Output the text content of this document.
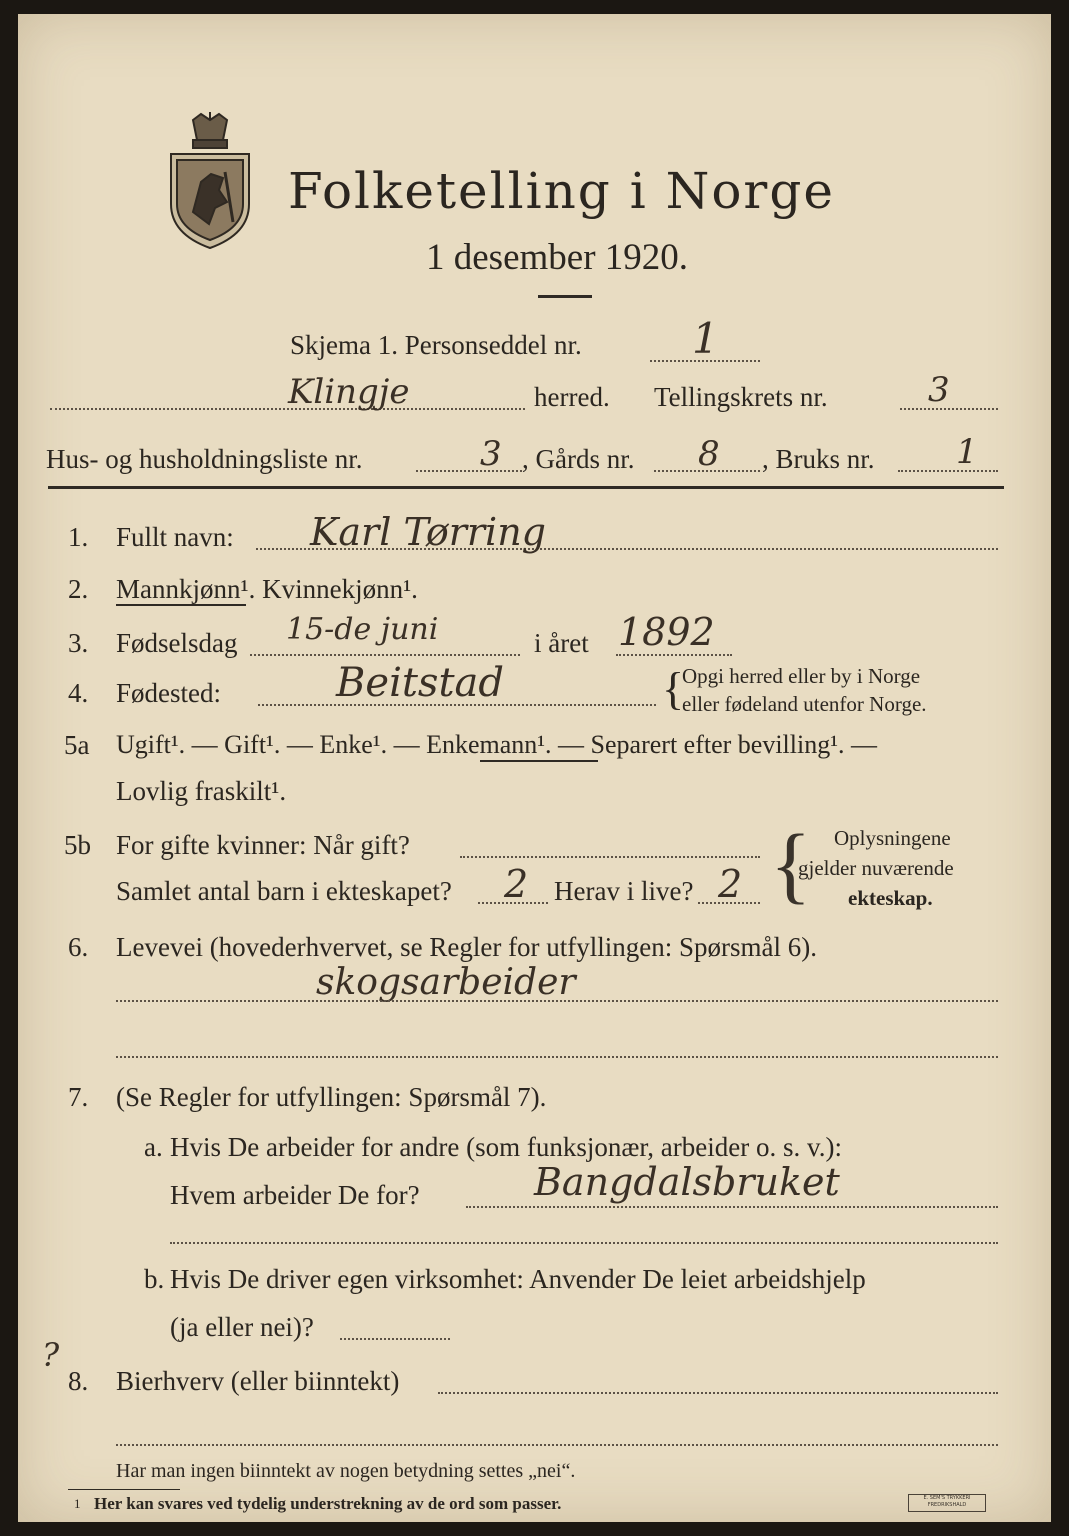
Folketelling i Norge
1 desember 1920.
Skjema 1. Personseddel nr.	1
Klingje	herred. Tellingskrets nr.	3
Hus- og husholdningsliste nr.	3 , Gårds nr. 8 , Bruks nr. 1
1. Fullt navn: Karl Tørring
2. Mannkjønn¹. Kvinnekjønn¹.
3. Fødselsdag 15-de juni	i året 1892
4. Fødested:	Beitstad	{
Opgi herred eller by i Norge
eller fødeland utenfor Norge.
5a Ugift¹. — Gift¹. — Enke¹. — Enkemann¹. — Separert efter bevilling¹. —
Lovlig fraskilt¹.
5b For gifte kvinner: Når gift?
Samlet antal barn i ekteskapet? 2 Herav i live? 2 { Oplysningene
gjelder nuværende
ekteskap.
6. Levevei (hovederhvervet, se Regler for utfyllingen: Spørsmål 6).
skogsarbeider
7. (Se Regler for utfyllingen: Spørsmål 7).
a. Hvis De arbeider for andre (som funksjonær, arbeider o. s. v.):
Hvem arbeider De for?	Bangdalsbruket
b. Hvis De driver egen virksomhet: Anvender De leiet arbeidshjelp
(ja eller nei)?
?
8. Bierhverv (eller biinntekt)
Har man ingen biinntekt av nogen betydning settes „nei“.
1 Her kan svares ved tydelig understrekning av de ord som passer.	E. SEM'S TRYKKERI FREDRIKSHALD
